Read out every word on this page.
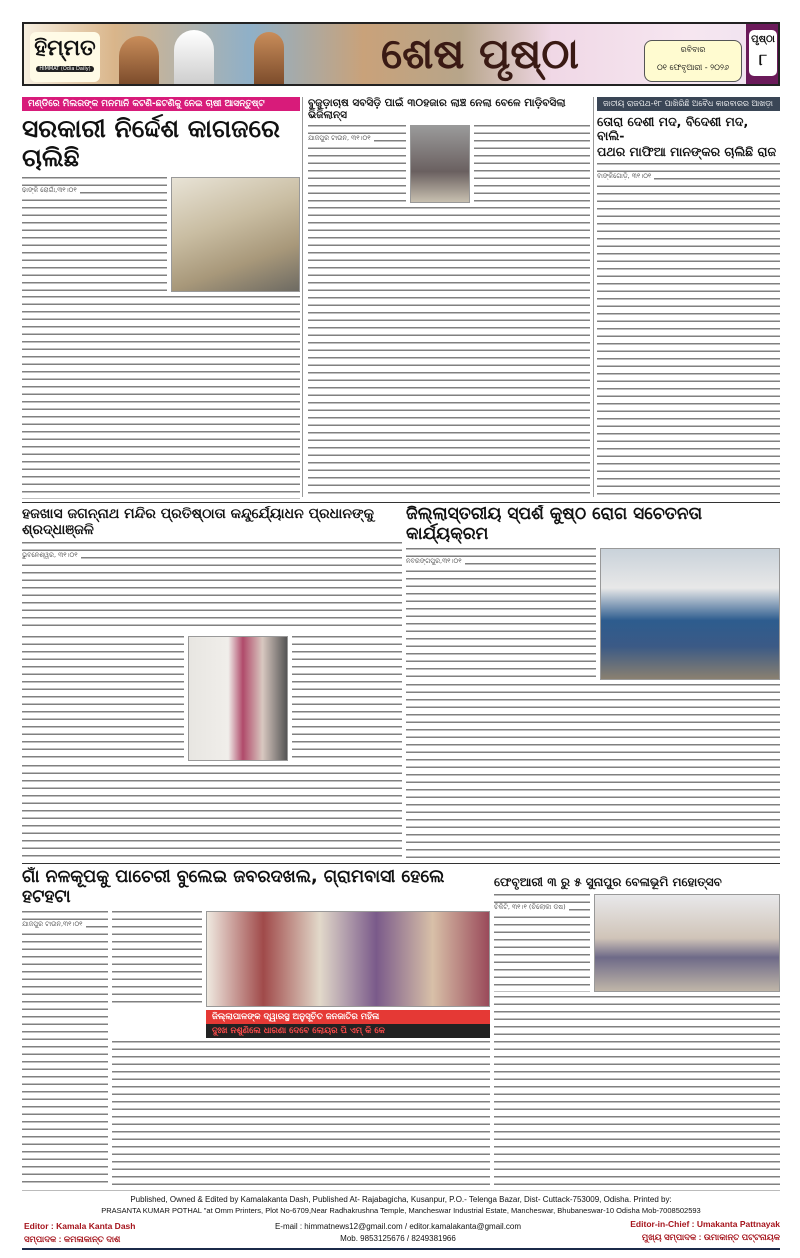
ହିମ୍ମତ
HIMMAT (Odia Daily)	ଶେଷ ପୃଷ୍ଠା	ରବିବାର
୦୧ ଫେବୃଆରୀ - ୨୦୨୬
ପୃଷ୍ଠା
୮
ମଣ୍ଡିରେ ମିଲରଙ୍କ ମନମାନି କଟଣି-ଛଟଣିକୁ ନେଇ ଚାଷୀ ଆସନ୍ତୁଷ୍ଟ
ସରକାରୀ ନିର୍ଦ୍ଦେଶ କାଗଜରେ ଚାଲିଛି
ଢାଙ୍କି ରୋଗାଁ,୩୧।୦୧
ବୁଜୁଡ଼ାଚାଷ ସବସିଡ଼ି ପାଇଁ ୩୦ହଜାର ଲାଞ୍ଚ ନେଲା ବେଳେ ମାଡ଼ିବସିଲା ଭିଜିଲାନ୍ସ
ଯାଜପୁର ଟାଉନ, ୩୧।୦୧
ଜାତୀୟ ରାଜପଥ-୧୮ ପାଖିରିଛି ଅବୈଧ କାରବାରର ଆଖଡ଼ା
ତୋରା ଦେଶୀ ମଦ, ବିଦେଶୀ ମଦ, ବାଲି-
ପଥର ମାଫିଆ ମାନଙ୍କର ଚାଲିଛି ରାଜ
ବାଙ୍କିଗୋଡ଼ି, ୩୧।୦୧
ହଜଖାସ ଜଗନ୍ନାଥ ମନ୍ଦିର ପ୍ରତିଷ୍ଠାତା କନ୍ଦୁର୍ଯ୍ୟୋଧନ ପ୍ରଧାନଙ୍କୁ ଶ୍ରଦ୍ଧାଞ୍ଜଳି
ଭୁବନେଶ୍ୱର, ୩୧।୦୧
ଜିଲ୍ଲାସ୍ତରୀୟ ସ୍ପର୍ଶ କୁଷ୍ଠ ରୋଗ ସଚେତନତା କାର୍ଯ୍ୟକ୍ରମ
ନବରଙ୍ଗପୁର,୩୧।୦୧
ଗାଁ ନଳକୂପକୁ ପାଚେରୀ ବୁଲେଇ ଜବରଦଖଲ, ଗ୍ରାମବାସୀ ହେଲେ ହଟହଟା
ଯାଜପୁର ଟାଉନ,୩୧।୦୧
ଜିଲ୍ଲାପାଳଙ୍କ ଦ୍ୱାରସ୍ଥ ଅନୁସୂଚିତ ଜନଜାତିର ମହିଳା
ଦୁଃଖ ନଶୁଣିଲେ ଧାରଣା ଦେବେ ଲୋୟର ପି ଏମ୍ କି କେ
ଫେବୃଆରୀ ୩ ରୁ ୫ ସୁନାପୁର ବେଳାଭୂମି ମହୋତ୍ସବ
ଚିକିଟି, ୩୧।୧ (ଚିଲୋକା ଡଷ)
Published, Owned & Edited by Kamalakanta Dash, Published At- Rajabagicha, Kusanpur, P.O.- Telenga Bazar, Dist- Cuttack-753009, Odisha. Printed by:
PRASANTA KUMAR POTHAL "at Omm Printers, Plot No-6709,Near Radhakrushna Temple, Mancheswar Industrial Estate, Mancheswar, Bhubaneswar-10 Odisha Mob-7008502593
Editor : Kamala Kanta Dash
ସମ୍ପାଦକ : କମଳାକାନ୍ତ ଦାଶ
E-mail : himmatnews12@gmail.com / editor.kamalakanta@gmail.com
Mob. 9853125676 / 8249381966
Editor-in-Chief : Umakanta Pattnayak
ମୁଖ୍ୟ ସମ୍ପାଦକ : ଉମାକାନ୍ତ ପଟ୍ଟନାୟକ
